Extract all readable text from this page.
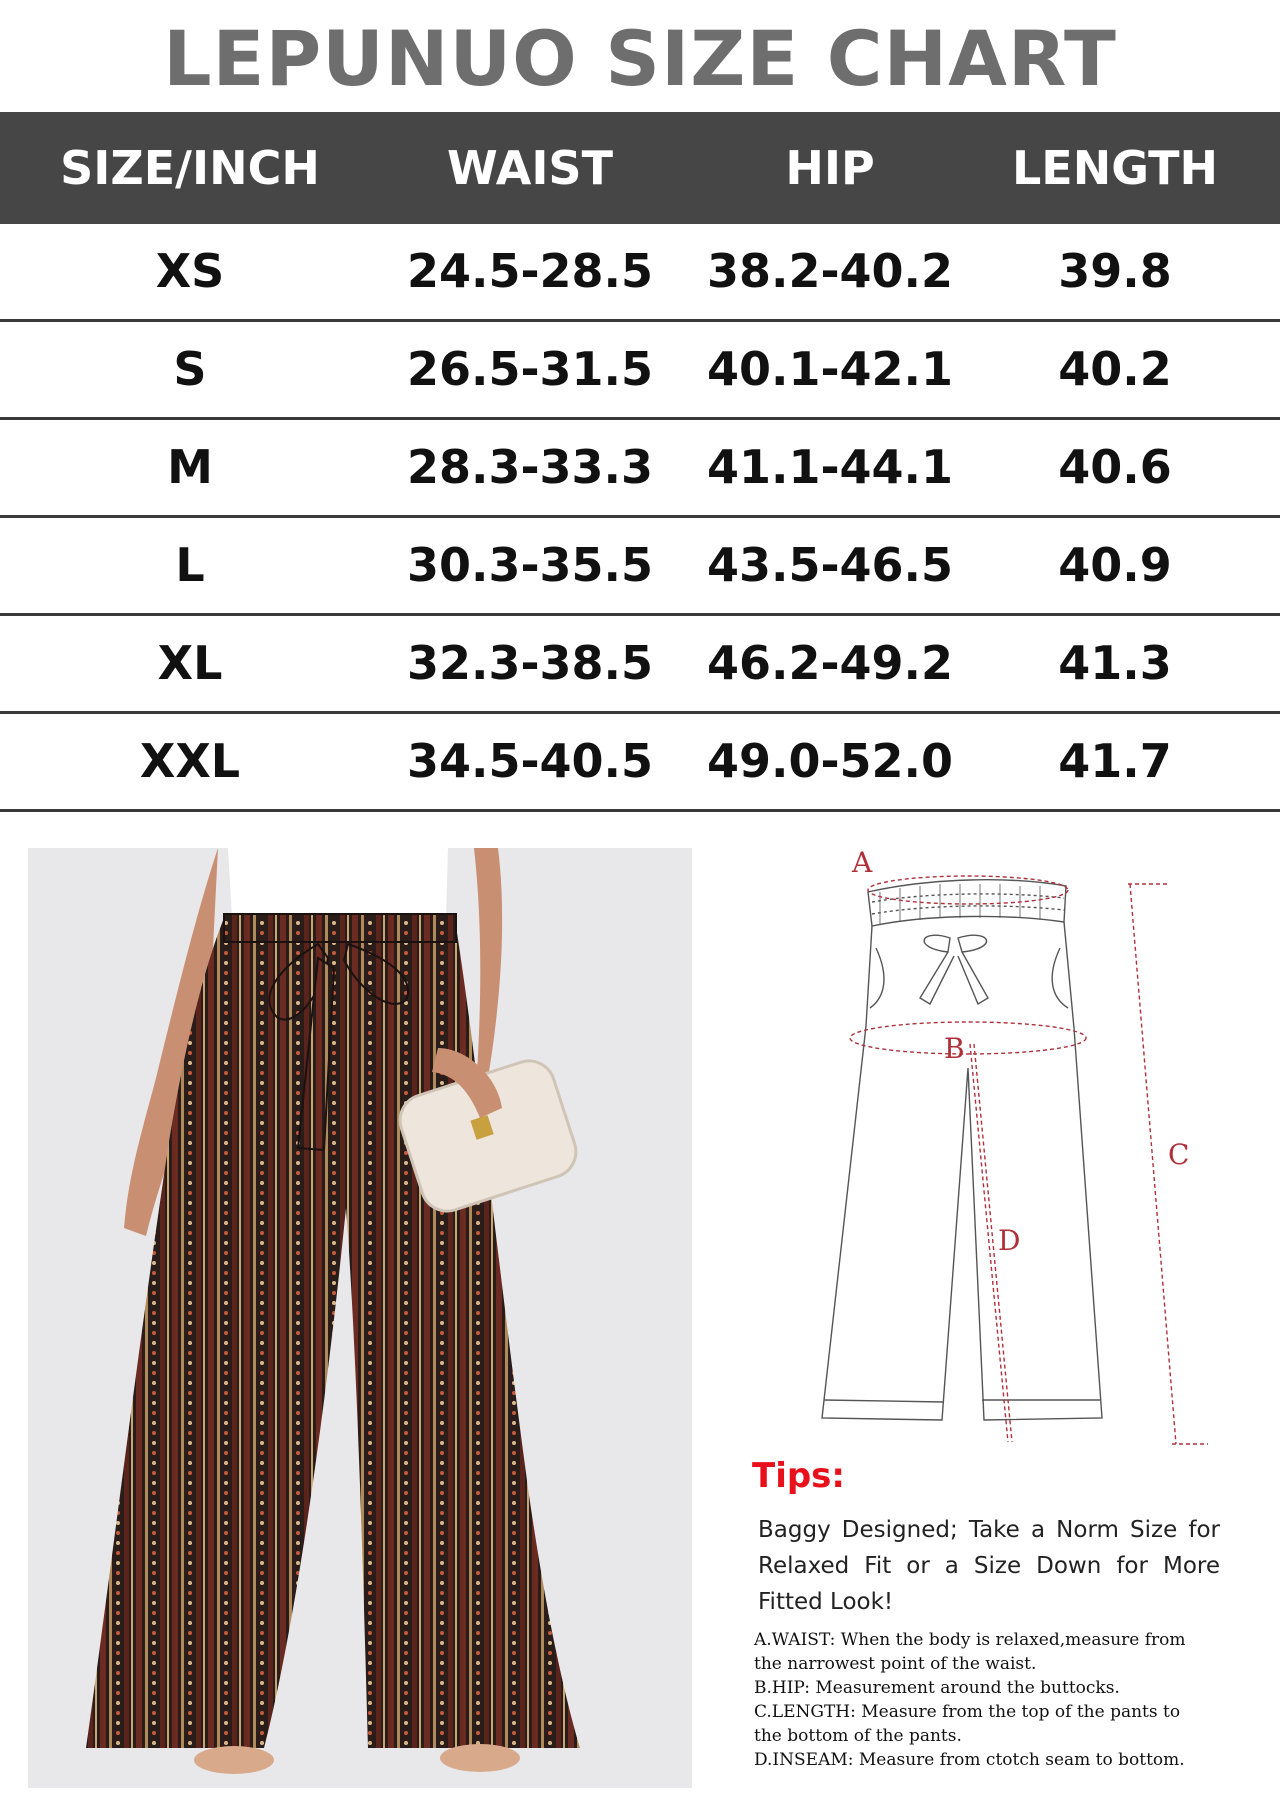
LEPUNUO SIZE CHART
SIZE/INCH	WAIST	HIP	LENGTH
XS	24.5-28.5	38.2-40.2	39.8
S	26.5-31.5	40.1-42.1	40.2
M	28.3-33.3	41.1-44.1	40.6
L	30.3-35.5	43.5-46.5	40.9
XL	32.3-38.5	46.2-49.2	41.3
XXL	34.5-40.5	49.0-52.0	41.7
A
B
C
D
Tips:
Baggy Designed; Take a Norm Size for Relaxed Fit or a Size Down for More Fitted Look!
A.WAIST: When the body is relaxed,measure from
the narrowest point of the waist.
B.HIP: Measurement around the buttocks.
C.LENGTH: Measure from the top of the pants to
the bottom of the pants.
D.INSEAM: Measure from ctotch seam to bottom.
